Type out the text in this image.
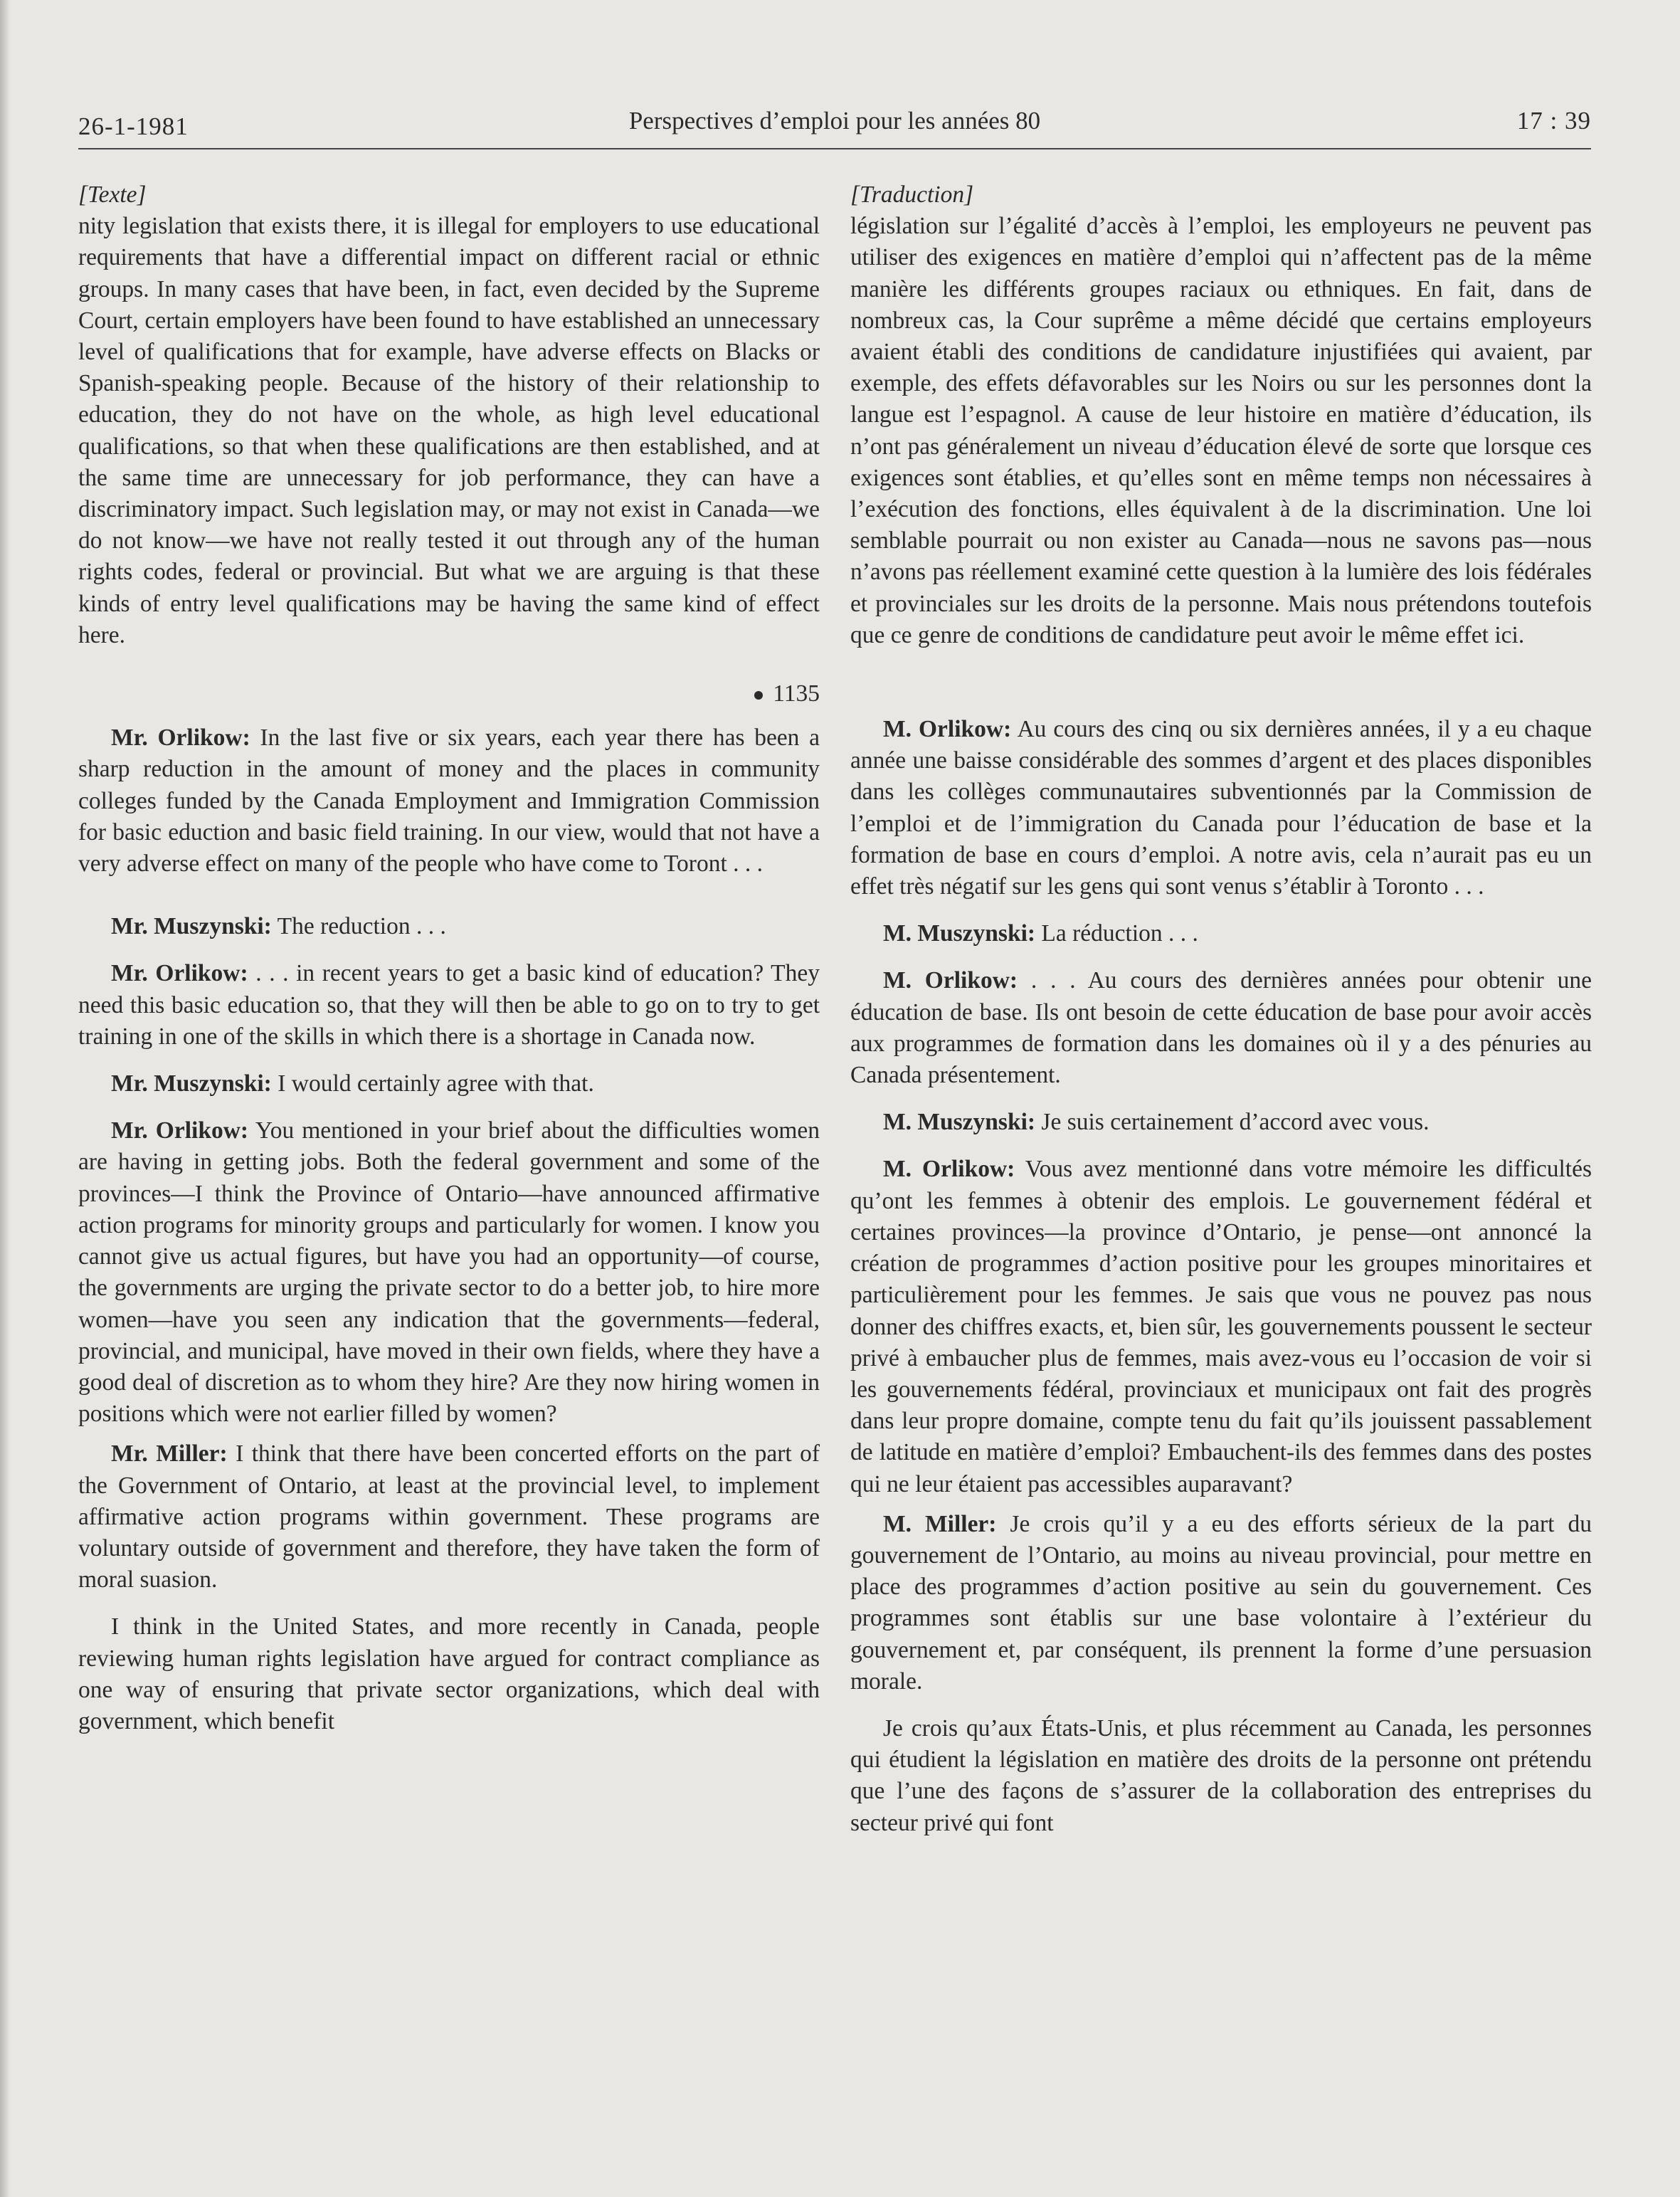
26-1-1981	Perspectives d’emploi pour les années 80	17 : 39

[Texte]

nity legislation that exists there, it is illegal for employers to use educational requirements that have a differential impact on different racial or ethnic groups. In many cases that have been, in fact, even decided by the Supreme Court, certain employers have been found to have established an unnecessary level of qualifications that for example, have adverse effects on Blacks or Spanish-speaking people. Because of the history of their relationship to education, they do not have on the whole, as high level educational qualifications, so that when these qualifications are then established, and at the same time are unnecessary for job performance, they can have a discriminatory impact. Such legislation may, or may not exist in Canada—we do not know—we have not really tested it out through any of the human rights codes, federal or provincial. But what we are arguing is that these kinds of entry level qualifications may be having the same kind of effect here.

1135

Mr. Orlikow: In the last five or six years, each year there has been a sharp reduction in the amount of money and the places in community colleges funded by the Canada Employment and Immigration Commission for basic eduction and basic field training. In our view, would that not have a very adverse effect on many of the people who have come to Toront . . .

Mr. Muszynski: The reduction . . .

Mr. Orlikow: . . . in recent years to get a basic kind of education? They need this basic education so, that they will then be able to go on to try to get training in one of the skills in which there is a shortage in Canada now.

Mr. Muszynski: I would certainly agree with that.

Mr. Orlikow: You mentioned in your brief about the difficulties women are having in getting jobs. Both the federal government and some of the provinces—I think the Province of Ontario—have announced affirmative action programs for minority groups and particularly for women. I know you cannot give us actual figures, but have you had an opportunity—of course, the governments are urging the private sector to do a better job, to hire more women—have you seen any indication that the governments—federal, provincial, and municipal, have moved in their own fields, where they have a good deal of discretion as to whom they hire? Are they now hiring women in positions which were not earlier filled by women?

Mr. Miller: I think that there have been concerted efforts on the part of the Government of Ontario, at least at the provincial level, to implement affirmative action programs within government. These programs are voluntary outside of government and therefore, they have taken the form of moral suasion.

I think in the United States, and more recently in Canada, people reviewing human rights legislation have argued for contract compliance as one way of ensuring that private sector organizations, which deal with government, which benefit

[Traduction]

législation sur l’égalité d’accès à l’emploi, les employeurs ne peuvent pas utiliser des exigences en matière d’emploi qui n’affectent pas de la même manière les différents groupes raciaux ou ethniques. En fait, dans de nombreux cas, la Cour suprême a même décidé que certains employeurs avaient établi des conditions de candidature injustifiées qui avaient, par exemple, des effets défavorables sur les Noirs ou sur les personnes dont la langue est l’espagnol. A cause de leur histoire en matière d’éducation, ils n’ont pas généralement un niveau d’éducation élevé de sorte que lorsque ces exigences sont établies, et qu’elles sont en même temps non nécessaires à l’exécution des fonctions, elles équivalent à de la discrimination. Une loi semblable pourrait ou non exister au Canada—nous ne savons pas—nous n’avons pas réellement examiné cette question à la lumière des lois fédérales et provinciales sur les droits de la personne. Mais nous prétendons toutefois que ce genre de conditions de candidature peut avoir le même effet ici.

M. Orlikow: Au cours des cinq ou six dernières années, il y a eu chaque année une baisse considérable des sommes d’argent et des places disponibles dans les collèges communautaires subventionnés par la Commission de l’emploi et de l’immigration du Canada pour l’éducation de base et la formation de base en cours d’emploi. A notre avis, cela n’aurait pas eu un effet très négatif sur les gens qui sont venus s’établir à Toronto . . .

M. Muszynski: La réduction . . .

M. Orlikow: . . . Au cours des dernières années pour obtenir une éducation de base. Ils ont besoin de cette éducation de base pour avoir accès aux programmes de formation dans les domaines où il y a des pénuries au Canada présentement.

M. Muszynski: Je suis certainement d’accord avec vous.

M. Orlikow: Vous avez mentionné dans votre mémoire les difficultés qu’ont les femmes à obtenir des emplois. Le gouvernement fédéral et certaines provinces—la province d’Ontario, je pense—ont annoncé la création de programmes d’action positive pour les groupes minoritaires et particulièrement pour les femmes. Je sais que vous ne pouvez pas nous donner des chiffres exacts, et, bien sûr, les gouvernements poussent le secteur privé à embaucher plus de femmes, mais avez-vous eu l’occasion de voir si les gouvernements fédéral, provinciaux et municipaux ont fait des progrès dans leur propre domaine, compte tenu du fait qu’ils jouissent passablement de latitude en matière d’emploi? Embauchent-ils des femmes dans des postes qui ne leur étaient pas accessibles auparavant?

M. Miller: Je crois qu’il y a eu des efforts sérieux de la part du gouvernement de l’Ontario, au moins au niveau provincial, pour mettre en place des programmes d’action positive au sein du gouvernement. Ces programmes sont établis sur une base volontaire à l’extérieur du gouvernement et, par conséquent, ils prennent la forme d’une persuasion morale.

Je crois qu’aux États-Unis, et plus récemment au Canada, les personnes qui étudient la législation en matière des droits de la personne ont prétendu que l’une des façons de s’assurer de la collaboration des entreprises du secteur privé qui font
